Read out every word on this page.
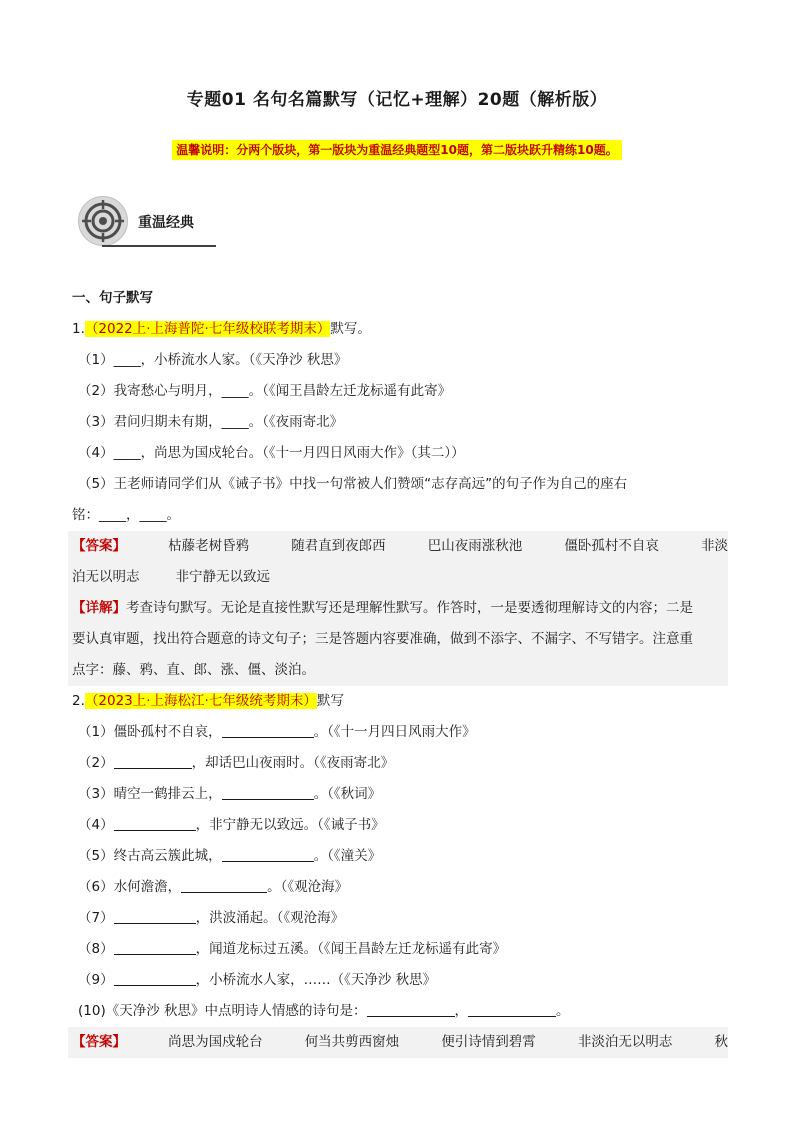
专题01 名句名篇默写（记忆+理解）20题（解析版）
温馨说明：分两个版块，第一版块为重温经典题型10题，第二版块跃升精练10题。
重温经典
一、句子默写
1.（2022上·上海普陀·七年级校联考期末）默写。
（1）____，小桥流水人家。（《天净沙 秋思》
（2）我寄愁心与明月，____。（《闻王昌龄左迁龙标遥有此寄》
（3）君问归期未有期，____。（《夜雨寄北》
（4）____，尚思为国戍轮台。（《十一月四日风雨大作》（其二））
（5）王老师请同学们从《诫子书》中找一句常被人们赞颂“志存高远”的句子作为自己的座右
铭：____，____。
【答案】	枯藤老树昏鸦	随君直到夜郎西	巴山夜雨涨秋池	僵卧孤村不自哀	非淡
泊无以明志	非宁静无以致远
【详解】考查诗句默写。无论是直接性默写还是理解性默写。作答时，一是要透彻理解诗文的内容；二是
要认真审题，找出符合题意的诗文句子；三是答题内容要准确，做到不添字、不漏字、不写错字。注意重
点字：藤、鸦、直、郎、涨、僵、淡泊。
2.（2023上·上海松江·七年级统考期末）默写
（1）僵卧孤村不自哀，	。（《十一月四日风雨大作》
（2）	，却话巴山夜雨时。（《夜雨寄北》
（3）晴空一鹤排云上，	。（《秋词》
（4）	，非宁静无以致远。（《诫子书》
（5）终古高云簇此城，	。（《潼关》
（6）水何澹澹，	。（《观沧海》
（7）	，洪波涌起。（《观沧海》
（8）	，闻道龙标过五溪。（《闻王昌龄左迁龙标遥有此寄》
（9）	，小桥流水人家，……（《天净沙 秋思》
(10)《天净沙 秋思》中点明诗人情感的诗句是：	，	。
【答案】	尚思为国戍轮台	何当共剪西窗烛	便引诗情到碧霄	非淡泊无以明志	秋
